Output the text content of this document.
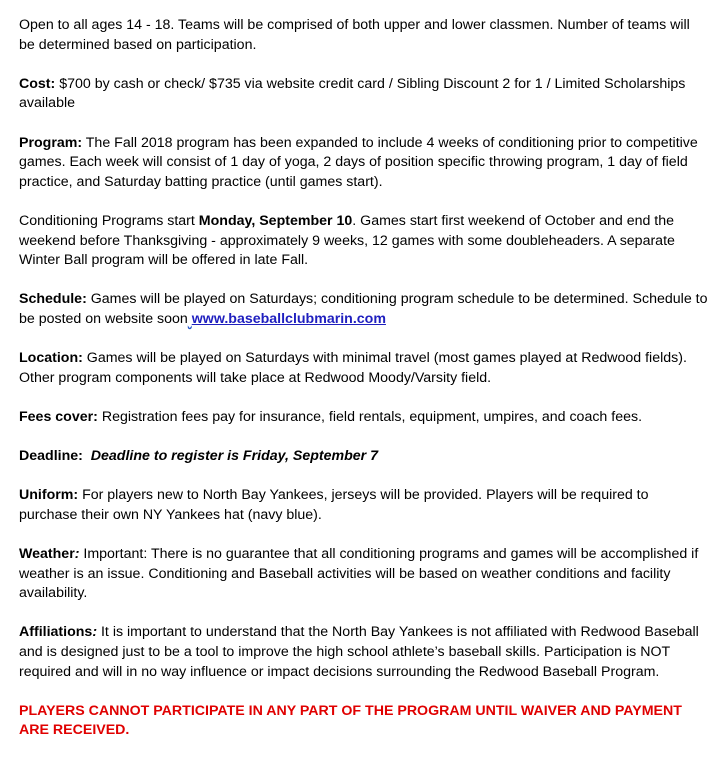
Open to all ages 14 - 18. Teams will be comprised of both upper and lower classmen. Number of teams will be determined based on participation.

Cost: $700 by cash or check/ $735 via website credit card / Sibling Discount 2 for 1 / Limited Scholarships available

Program: The Fall 2018 program has been expanded to include 4 weeks of conditioning prior to competitive games. Each week will consist of 1 day of yoga, 2 days of position specific throwing program, 1 day of field practice, and Saturday batting practice (until games start).

Conditioning Programs start Monday, September 10. Games start first weekend of October and end the weekend before Thanksgiving - approximately 9 weeks, 12 games with some doubleheaders. A separate Winter Ball program will be offered in late Fall.

Schedule: Games will be played on Saturdays; conditioning program schedule to be determined. Schedule to be posted on website soon www.baseballclubmarin.com

Location: Games will be played on Saturdays with minimal travel (most games played at Redwood fields). Other program components will take place at Redwood Moody/Varsity field.

Fees cover: Registration fees pay for insurance, field rentals, equipment, umpires, and coach fees.

Deadline: Deadline to register is Friday, September 7

Uniform: For players new to North Bay Yankees, jerseys will be provided. Players will be required to purchase their own NY Yankees hat (navy blue).

Weather: Important: There is no guarantee that all conditioning programs and games will be accomplished if weather is an issue. Conditioning and Baseball activities will be based on weather conditions and facility availability.

Affiliations: It is important to understand that the North Bay Yankees is not affiliated with Redwood Baseball and is designed just to be a tool to improve the high school athlete’s baseball skills. Participation is NOT required and will in no way influence or impact decisions surrounding the Redwood Baseball Program.

PLAYERS CANNOT PARTICIPATE IN ANY PART OF THE PROGRAM UNTIL WAIVER AND PAYMENT ARE RECEIVED.
